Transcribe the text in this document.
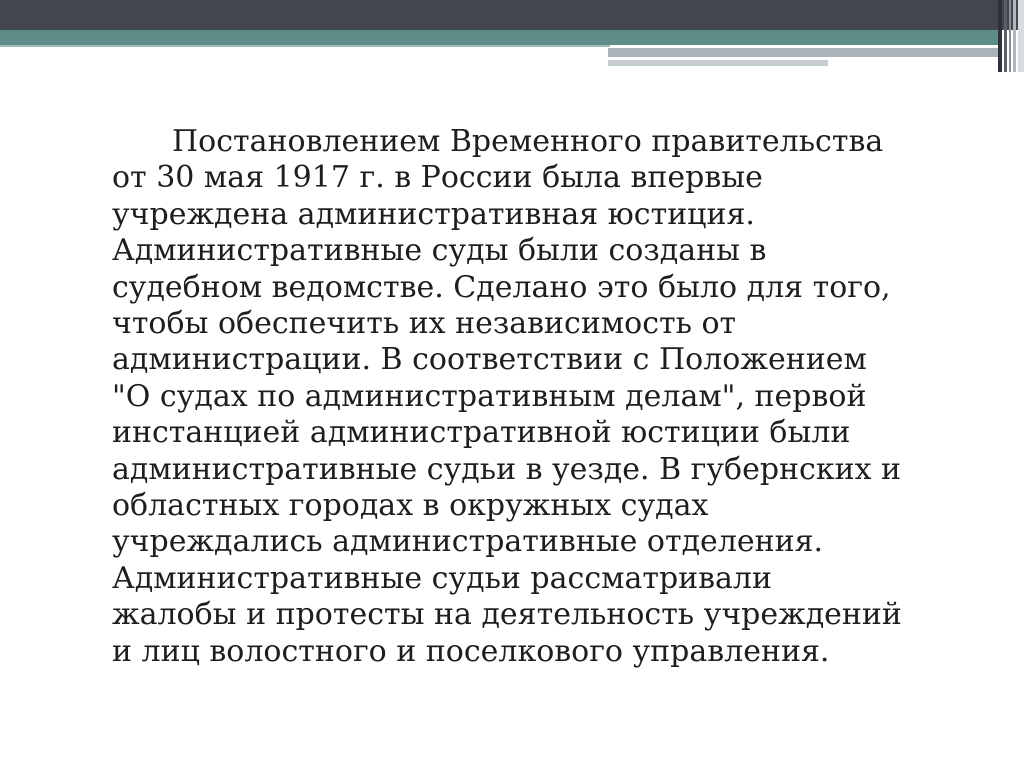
Постановлением Временного правительства
от 30 мая 1917 г. в России была впервые
учреждена административная юстиция.
Административные суды были созданы в
судебном ведомстве. Сделано это было для того,
чтобы обеспечить их независимость от
администрации. В соответствии с Положением
"О судах по административным делам", первой
инстанцией административной юстиции были
административные судьи в уезде. В губернских и
областных городах в окружных судах
учреждались административные отделения.
Административные судьи рассматривали
жалобы и протесты на деятельность учреждений
и лиц волостного и поселкового управления.
